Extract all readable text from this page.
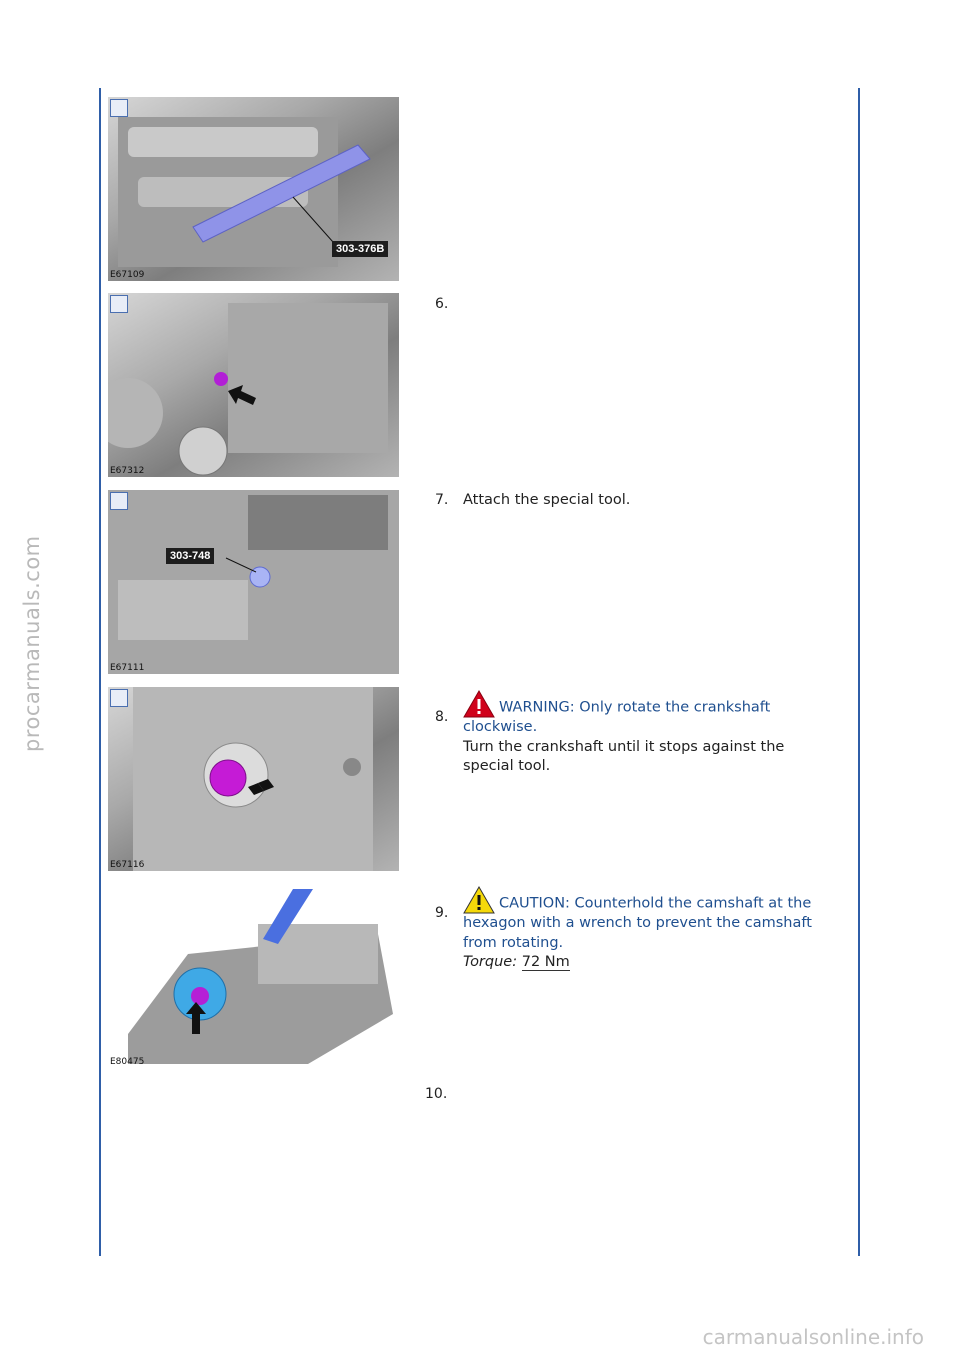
procarmanuals.com
carmanualsonline.info
303-376B
E67109
E67312
303-748
E67111
E67116
E80475
6.
7. Attach the special tool.
8.
WARNING: Only rotate the crankshaft clockwise.
Turn the crankshaft until it stops against the special tool.
9.
CAUTION: Counterhold the camshaft at the hexagon with a wrench to prevent the camshaft from rotating.
Torque: 72 Nm
10.
